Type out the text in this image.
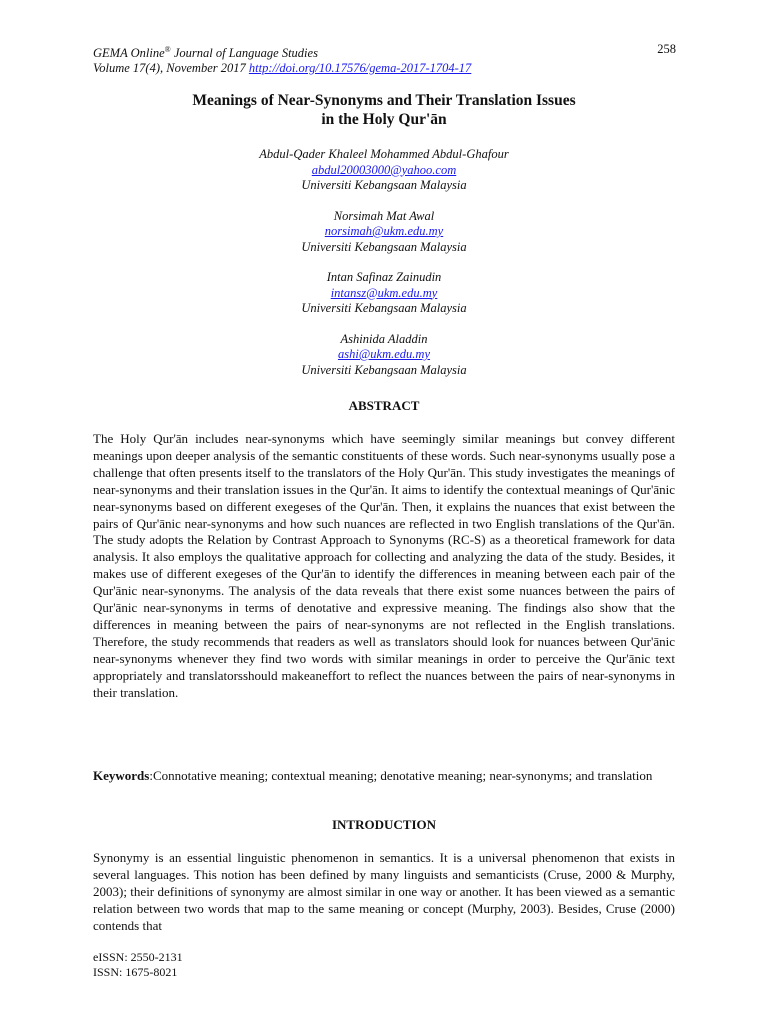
GEMA Online® Journal of Language Studies
Volume 17(4), November 2017 http://doi.org/10.17576/gema-2017-1704-17
258
Meanings of Near-Synonyms and Their Translation Issues
in the Holy Qur'ān
Abdul-Qader Khaleel Mohammed Abdul-Ghafour
abdul20003000@yahoo.com
Universiti Kebangsaan Malaysia
Norsimah Mat Awal
norsimah@ukm.edu.my
Universiti Kebangsaan Malaysia
Intan Safinaz Zainudin
intansz@ukm.edu.my
Universiti Kebangsaan Malaysia
Ashinida Aladdin
ashi@ukm.edu.my
Universiti Kebangsaan Malaysia
ABSTRACT
The Holy Qur'ān includes near-synonyms which have seemingly similar meanings but convey different meanings upon deeper analysis of the semantic constituents of these words. Such near-synonyms usually pose a challenge that often presents itself to the translators of the Holy Qur'ān. This study investigates the meanings of near-synonyms and their translation issues in the Qur'ān. It aims to identify the contextual meanings of Qur'ānic near-synonyms based on different exegeses of the Qur'ān. Then, it explains the nuances that exist between the pairs of Qur'ānic near-synonyms and how such nuances are reflected in two English translations of the Qur'ān. The study adopts the Relation by Contrast Approach to Synonyms (RC-S) as a theoretical framework for data analysis. It also employs the qualitative approach for collecting and analyzing the data of the study. Besides, it makes use of different exegeses of the Qur'ān to identify the differences in meaning between each pair of the Qur'ānic near-synonyms. The analysis of the data reveals that there exist some nuances between the pairs of Qur'ānic near-synonyms in terms of denotative and expressive meaning. The findings also show that the differences in meaning between the pairs of near-synonyms are not reflected in the English translations. Therefore, the study recommends that readers as well as translators should look for nuances between Qur'ānic near-synonyms whenever they find two words with similar meanings in order to perceive the Qur'ānic text appropriately and translatorsshould makeaneffort to reflect the nuances between the pairs of near-synonyms in their translation.
Keywords:Connotative meaning; contextual meaning; denotative meaning; near-synonyms; and translation
INTRODUCTION
Synonymy is an essential linguistic phenomenon in semantics. It is a universal phenomenon that exists in several languages. This notion has been defined by many linguists and semanticists (Cruse, 2000 & Murphy, 2003); their definitions of synonymy are almost similar in one way or another. It has been viewed as a semantic relation between two words that map to the same meaning or concept (Murphy, 2003). Besides, Cruse (2000) contends that
eISSN: 2550-2131
ISSN: 1675-8021
